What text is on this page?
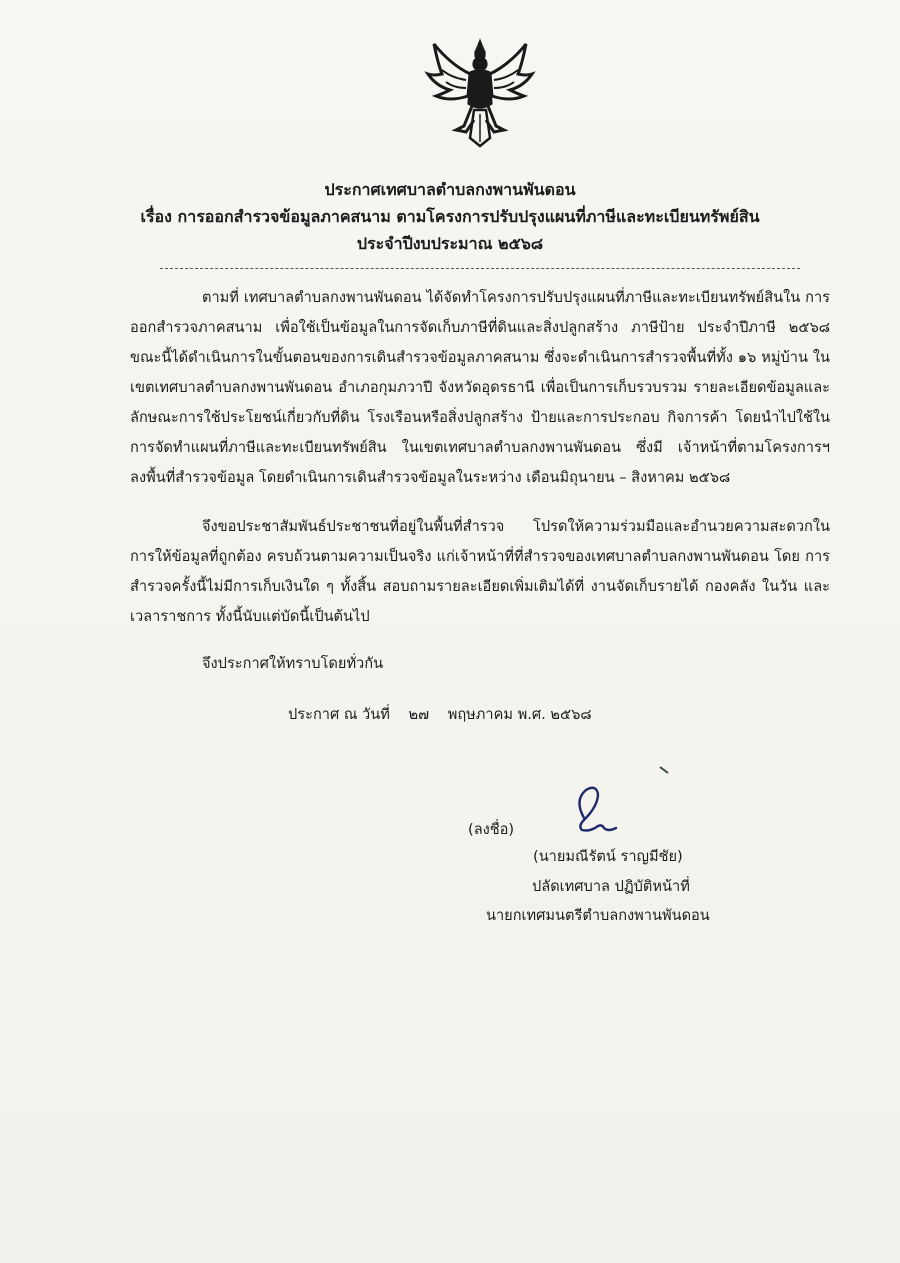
ประกาศเทศบาลตำบลกงพานพันดอน
เรื่อง การออกสำรวจข้อมูลภาคสนาม ตามโครงการปรับปรุงแผนที่ภาษีและทะเบียนทรัพย์สิน
ประจำปีงบประมาณ ๒๕๖๘
ตามที่ เทศบาลตำบลกงพานพันดอน ได้จัดทำโครงการปรับปรุงแผนที่ภาษีและทะเบียนทรัพย์สินใน การออกสำรวจภาคสนาม เพื่อใช้เป็นข้อมูลในการจัดเก็บภาษีที่ดินและสิ่งปลูกสร้าง ภาษีป้าย ประจำปีภาษี ๒๕๖๘ ขณะนี้ได้ดำเนินการในขั้นตอนของการเดินสำรวจข้อมูลภาคสนาม ซึ่งจะดำเนินการสำรวจพื้นที่ทั้ง ๑๖ หมู่บ้าน ในเขตเทศบาลตำบลกงพานพันดอน อำเภอกุมภวาปี จังหวัดอุดรธานี เพื่อเป็นการเก็บรวบรวม รายละเอียดข้อมูลและลักษณะการใช้ประโยชน์เกี่ยวกับที่ดิน โรงเรือนหรือสิ่งปลูกสร้าง ป้ายและการประกอบ กิจการค้า โดยนำไปใช้ในการจัดทำแผนที่ภาษีและทะเบียนทรัพย์สิน ในเขตเทศบาลตำบลกงพานพันดอน ซึ่งมี เจ้าหน้าที่ตามโครงการฯ ลงพื้นที่สำรวจข้อมูล โดยดำเนินการเดินสำรวจข้อมูลในระหว่าง เดือนมิถุนายน – สิงหาคม ๒๕๖๘
จึงขอประชาสัมพันธ์ประชาชนที่อยู่ในพื้นที่สำรวจ โปรดให้ความร่วมมือและอำนวยความสะดวกใน การให้ข้อมูลที่ถูกต้อง ครบถ้วนตามความเป็นจริง แก่เจ้าหน้าที่ที่สำรวจของเทศบาลตำบลกงพานพันดอน โดย การสำรวจครั้งนี้ไม่มีการเก็บเงินใด ๆ ทั้งสิ้น สอบถามรายละเอียดเพิ่มเติมได้ที่ งานจัดเก็บรายได้ กองคลัง ในวัน และเวลาราชการ ทั้งนี้นับแต่บัดนี้เป็นต้นไป
จึงประกาศให้ทราบโดยทั่วกัน
ประกาศ ณ วันที่ ๒๗ พฤษภาคม พ.ศ. ๒๕๖๘
(ลงชื่อ)
(นายมณีรัตน์ ราญมีชัย)
ปลัดเทศบาล ปฏิบัติหน้าที่
นายกเทศมนตรีตำบลกงพานพันดอน
